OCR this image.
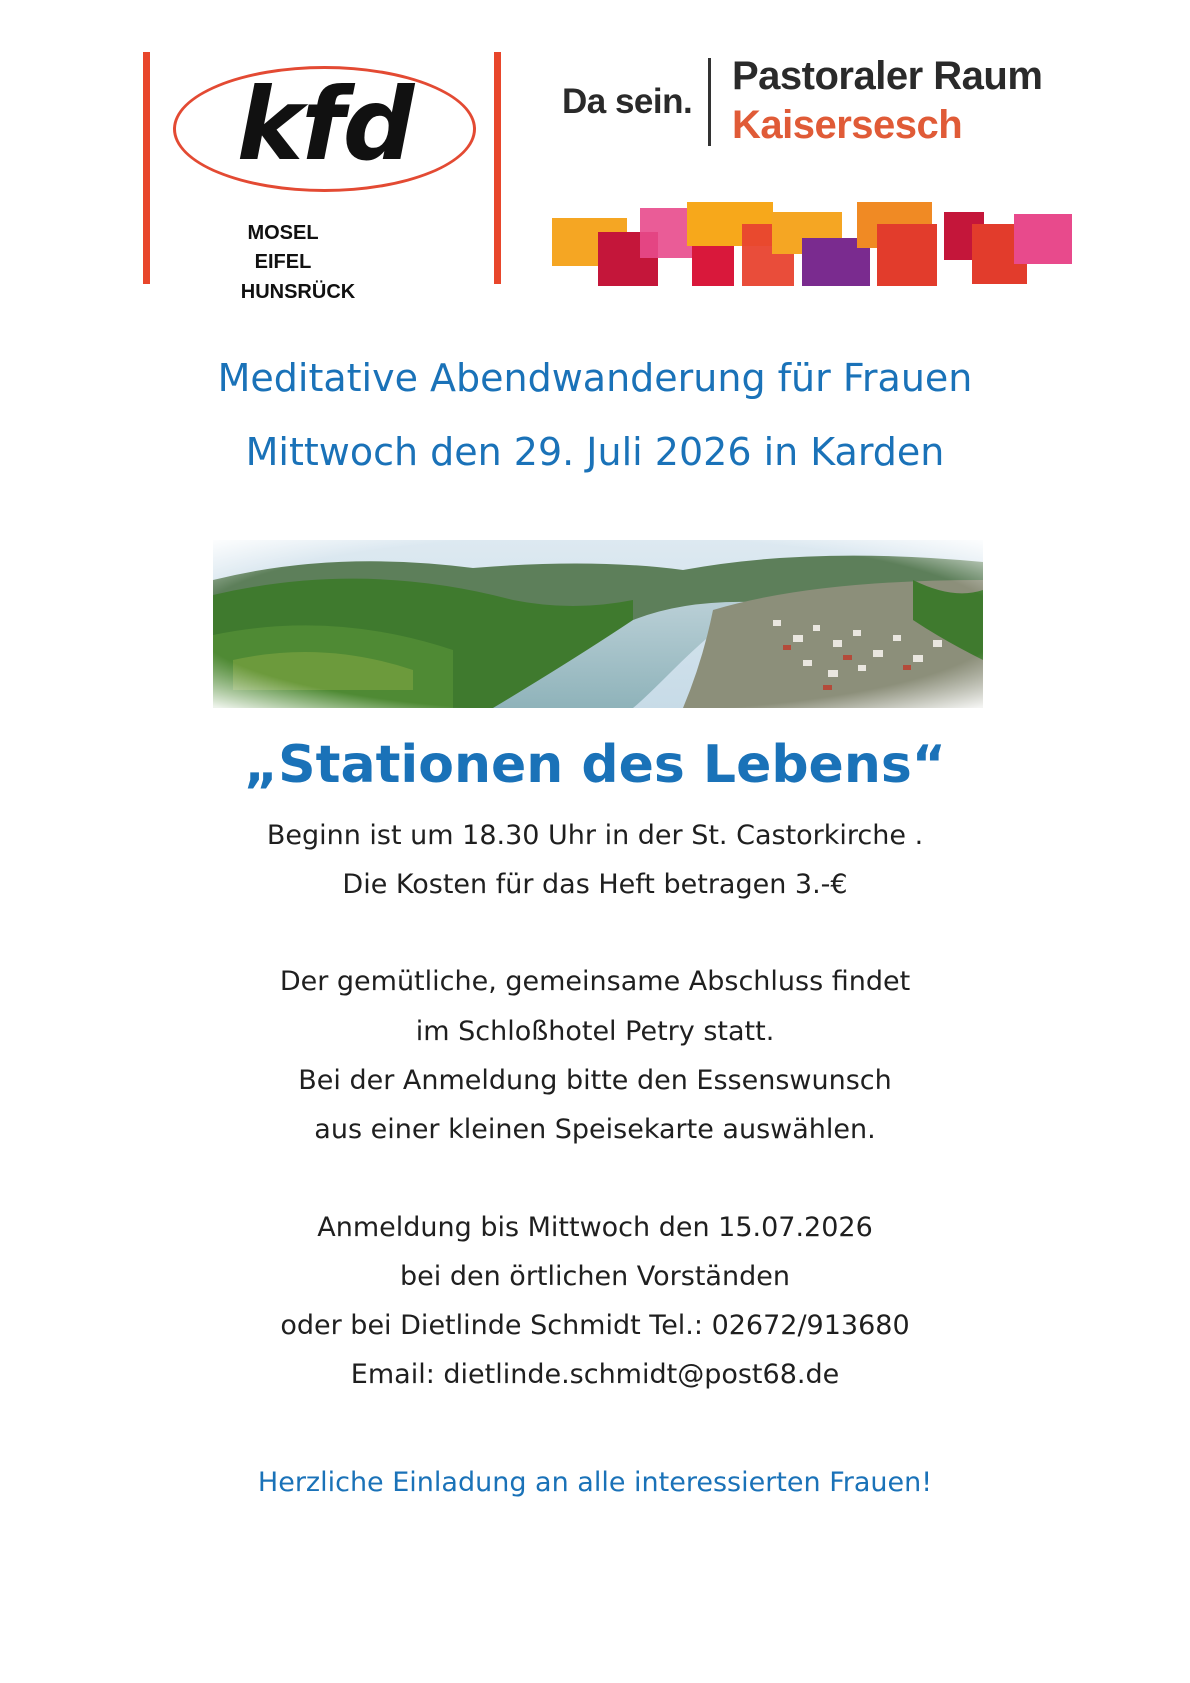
kfd
MOSEL
EIFEL
HUNSRÜCK
Da sein.
Pastoraler Raum
Kaisersesch
Meditative Abendwanderung für Frauen
Mittwoch den 29. Juli 2026 in Karden
„Stationen des Lebens“
Beginn ist um 18.30 Uhr in der St. Castorkirche .
Die Kosten für das Heft betragen 3.-€
Der gemütliche, gemeinsame Abschluss findet
im Schloßhotel Petry statt.
Bei der Anmeldung bitte den Essenswunsch
aus einer kleinen Speisekarte auswählen.
Anmeldung bis Mittwoch den 15.07.2026
bei den örtlichen Vorständen
oder bei Dietlinde Schmidt Tel.: 02672/913680
Email: dietlinde.schmidt@post68.de
Herzliche Einladung an alle interessierten Frauen!
